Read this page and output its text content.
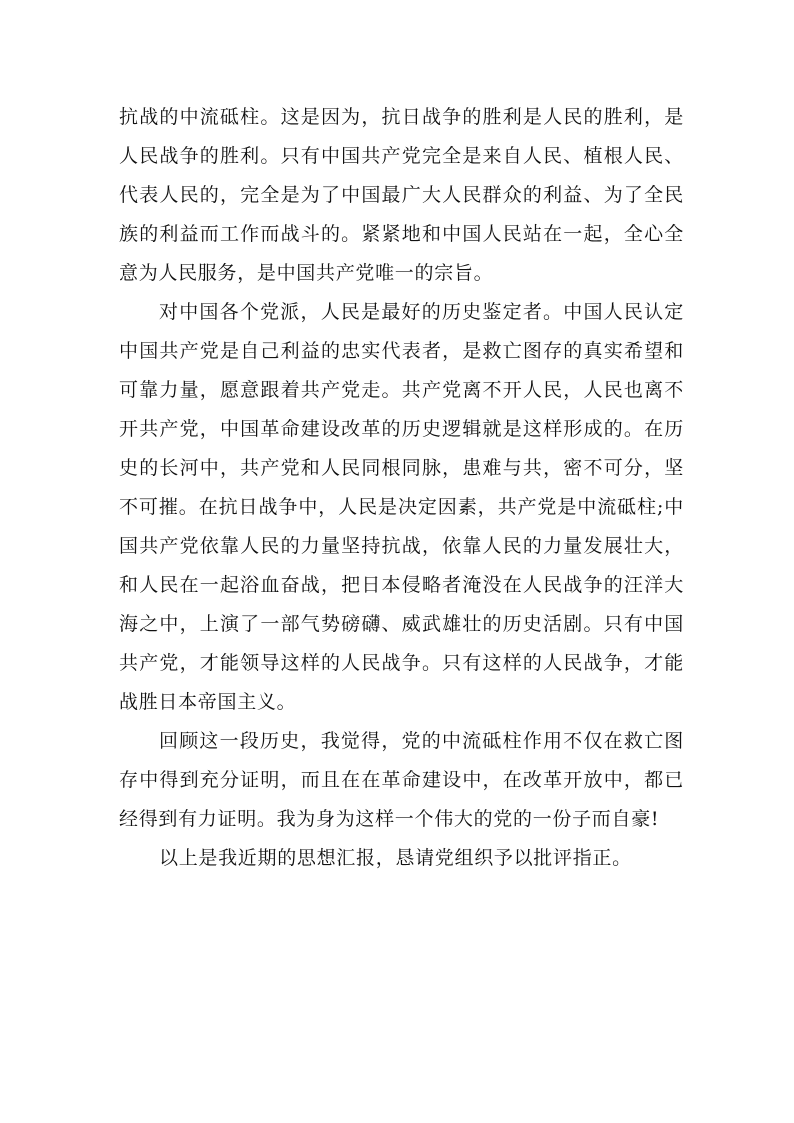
抗战的中流砥柱。这是因为，抗日战争的胜利是人民的胜利，是人民战争的胜利。只有中国共产党完全是来自人民、植根人民、代表人民的，完全是为了中国最广大人民群众的利益、为了全民族的利益而工作而战斗的。紧紧地和中国人民站在一起，全心全意为人民服务，是中国共产党唯一的宗旨。

对中国各个党派，人民是最好的历史鉴定者。中国人民认定中国共产党是自己利益的忠实代表者，是救亡图存的真实希望和可靠力量，愿意跟着共产党走。共产党离不开人民，人民也离不开共产党，中国革命建设改革的历史逻辑就是这样形成的。在历史的长河中，共产党和人民同根同脉，患难与共，密不可分，坚不可摧。在抗日战争中，人民是决定因素，共产党是中流砥柱;中国共产党依靠人民的力量坚持抗战，依靠人民的力量发展壮大，和人民在一起浴血奋战，把日本侵略者淹没在人民战争的汪洋大海之中，上演了一部气势磅礴、威武雄壮的历史活剧。只有中国共产党，才能领导这样的人民战争。只有这样的人民战争，才能战胜日本帝国主义。

回顾这一段历史，我觉得，党的中流砥柱作用不仅在救亡图存中得到充分证明，而且在在革命建设中，在改革开放中，都已经得到有力证明。我为身为这样一个伟大的党的一份子而自豪!

以上是我近期的思想汇报，恳请党组织予以批评指正。
